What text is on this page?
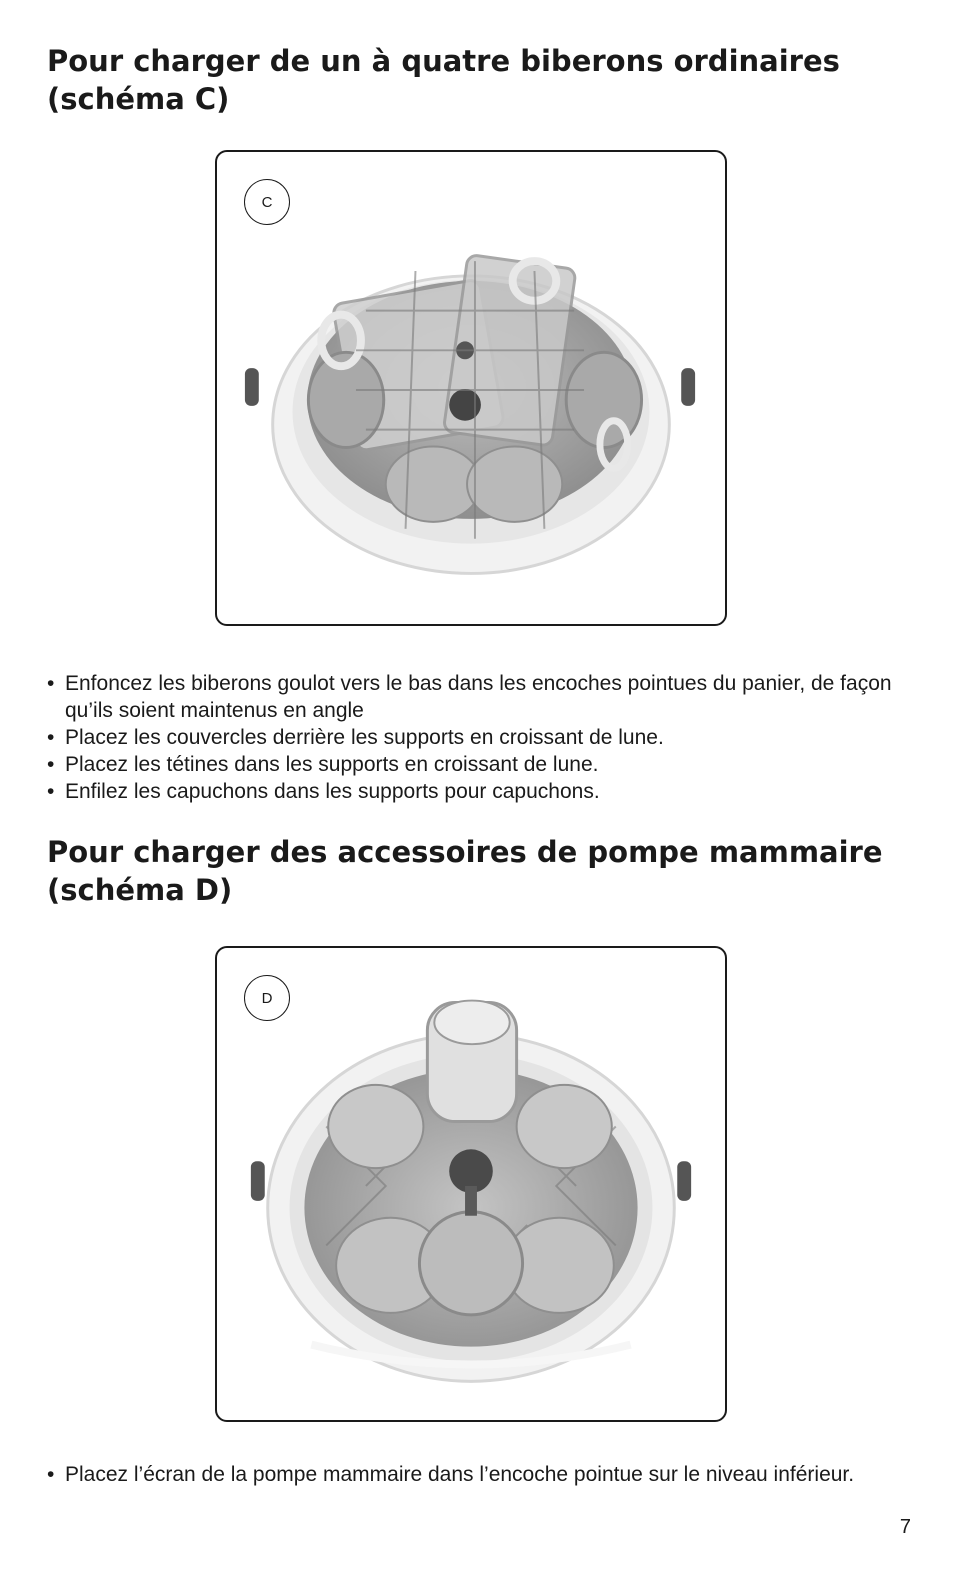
Pour charger de un à quatre biberons ordinaires
(schéma C)
C
• Enfoncez les biberons goulot vers le bas dans les encoches pointues du panier, de façon qu’ils soient maintenus en angle
• Placez les couvercles derrière les supports en croissant de lune.
• Placez les tétines dans les supports en croissant de lune.
• Enfilez les capuchons dans les supports pour capuchons.
Pour charger des accessoires de pompe mammaire
(schéma D)
D
• Placez l’écran de la pompe mammaire dans l’encoche pointue sur le niveau inférieur.
7
